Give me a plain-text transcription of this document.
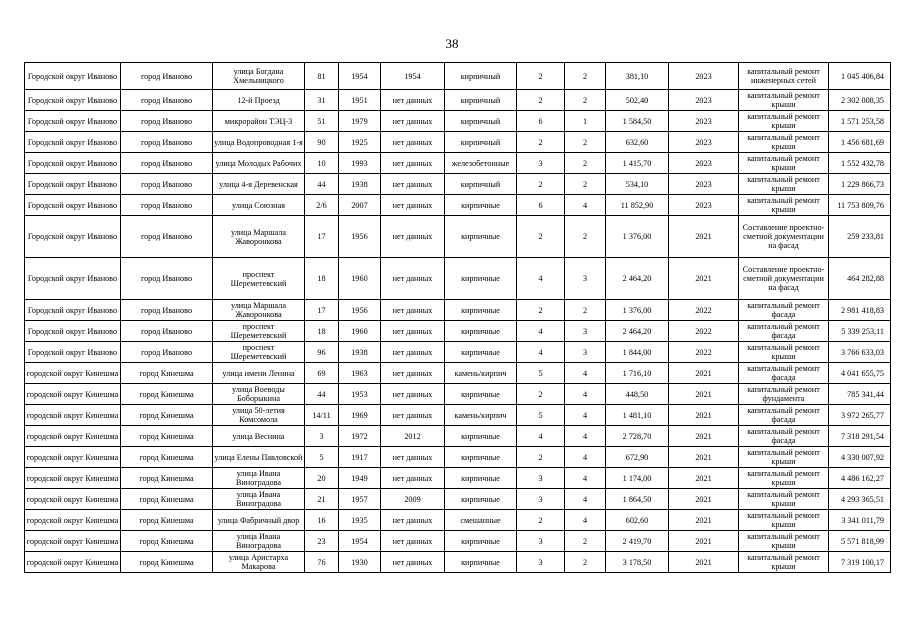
38
Городской округ Иваново	город Иваново	улица Богдана Хмельницкого	81	1954	1954	кирпичный	2	2	381,10	2023	капитальный ремонт инженерных сетей	1 045 406,84
Городской округ Иваново	город Иваново	12-й Проезд	31	1951	нет данных	кирпичный	2	2	502,40	2023	капитальный ремонт крыши	2 302 008,35
Городской округ Иваново	город Иваново	микрорайон ТЭЦ-3	51	1979	нет данных	кирпичный	6	1	1 584,50	2023	капитальный ремонт крыши	1 571 253,58
Городской округ Иваново	город Иваново	улица Водопроводная 1-я	90	1925	нет данных	кирпичный	2	2	632,60	2023	капитальный ремонт крыши	1 456 681,69
Городской округ Иваново	город Иваново	улица Молодых Рабочих	10	1993	нет данных	железобетонные	3	2	1 415,70	2023	капитальный ремонт крыши	1 552 432,78
Городской округ Иваново	город Иваново	улица 4-я Деревенская	44	1938	нет данных	кирпичный	2	2	534,10	2023	капитальный ремонт крыши	1 229 866,73
Городской округ Иваново	город Иваново	улица Союзная	2/6	2007	нет данных	кирпичные	6	4	11 852,90	2023	капитальный ремонт крыши	11 753 809,76
Городской округ Иваново	город Иваново	улица Маршала Жаворонкова	17	1956	нет данных	кирпичные	2	2	1 376,00	2021	Составление проектно-сметной документации на фасад	259 233,81
Городской округ Иваново	город Иваново	проспект Шереметевский	18	1960	нет данных	кирпичные	4	3	2 464,20	2021	Составление проектно-сметной документации на фасад	464 282,88
Городской округ Иваново	город Иваново	улица Маршала Жаворонкова	17	1956	нет данных	кирпичные	2	2	1 376,00	2022	капитальный ремонт фасада	2 981 418,83
Городской округ Иваново	город Иваново	проспект Шереметевский	18	1960	нет данных	кирпичные	4	3	2 464,20	2022	капитальный ремонт фасада	5 339 253,11
Городской округ Иваново	город Иваново	проспект Шереметевский	96	1938	нет данных	кирпичные	4	3	1 844,00	2022	капитальный ремонт крыши	3 766 633,03
городской округ Кинешма	город Кинешма	улица имени Ленина	69	1963	нет данных	камень/кирпич	5	4	1 716,10	2021	капитальный ремонт фасада	4 041 655,75
городской округ Кинешма	город Кинешма	улица Воеводы Боборыкина	44	1953	нет данных	кирпичные	2	4	448,50	2021	капитальный ремонт фундамента	785 341,44
городской округ Кинешма	город Кинешма	улица 50-летия Комсомола	14/11	1969	нет данных	камень/кирпич	5	4	1 481,10	2021	капитальный ремонт фасада	3 972 265,77
городской округ Кинешма	город Кинешма	улица Веснина	3	1972	2012	кирпичные	4	4	2 728,70	2021	капитальный ремонт фасада	7 318 291,54
городской округ Кинешма	город Кинешма	улица Елены Павловской	5	1917	нет данных	кирпичные	2	4	672,90	2021	капитальный ремонт крыши	4 330 007,92
городской округ Кинешма	город Кинешма	улица Ивана Виноградова	20	1949	нет данных	кирпичные	3	4	1 174,00	2021	капитальный ремонт крыши	4 486 162,27
городской округ Кинешма	город Кинешма	улица Ивана Виноградова	21	1957	2009	кирпичные	3	4	1 864,50	2021	капитальный ремонт крыши	4 293 365,51
городской округ Кинешма	город Кинешма	улица Фабричный двор	16	1935	нет данных	смешанные	2	4	602,60	2021	капитальный ремонт крыши	3 341 011,79
городской округ Кинешма	город Кинешма	улица Ивана Виноградова	23	1954	нет данных	кирпичные	3	2	2 419,70	2021	капитальный ремонт крыши	5 571 818,99
городской округ Кинешма	город Кинешма	улица Аристарха Макарова	76	1930	нет данных	кирпичные	3	2	3 178,50	2021	капитальный ремонт крыши	7 319 100,17
